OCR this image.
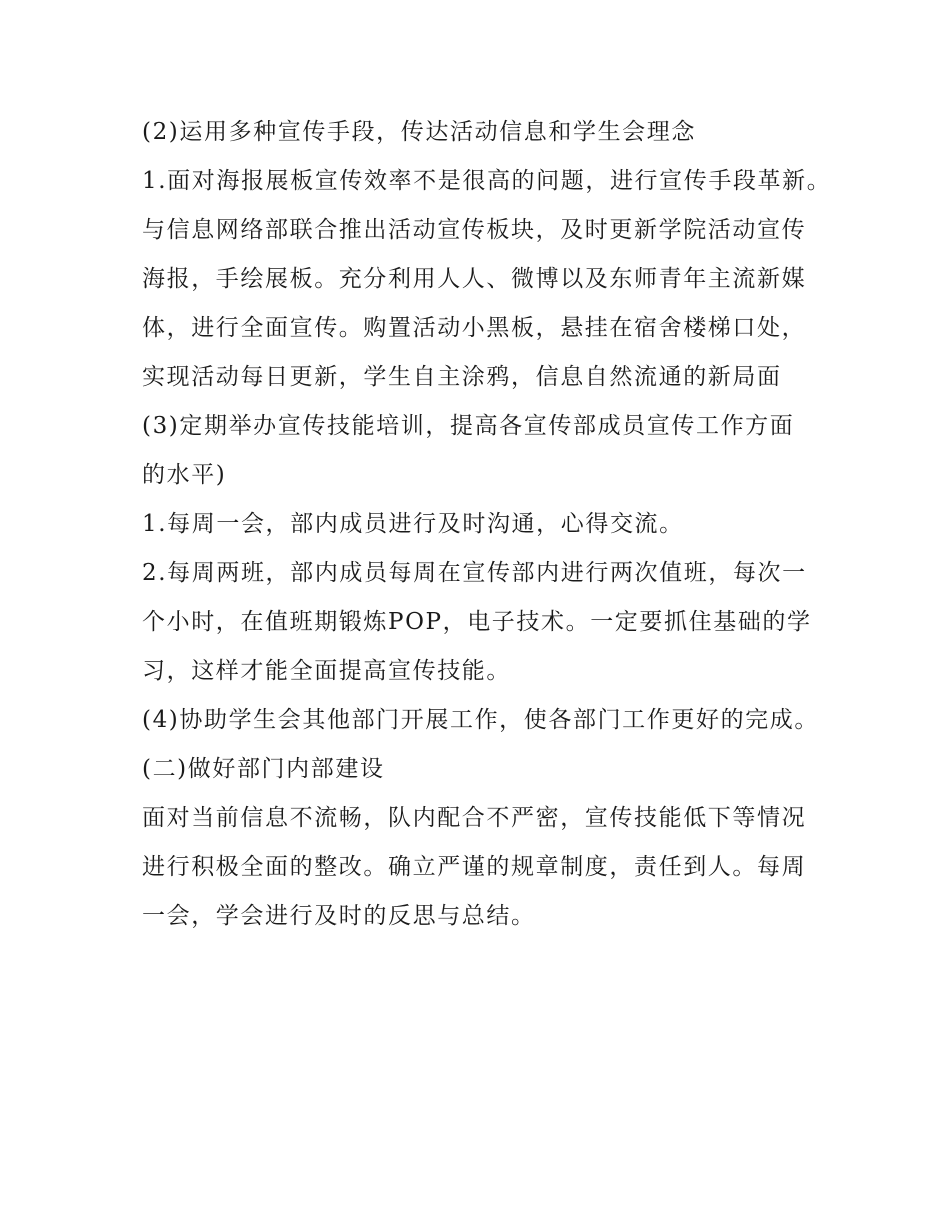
(2)运用多种宣传手段，传达活动信息和学生会理念
1.面对海报展板宣传效率不是很高的问题，进行宣传手段革新。
与信息网络部联合推出活动宣传板块，及时更新学院活动宣传
海报，手绘展板。充分利用人人、微博以及东师青年主流新媒
体，进行全面宣传。购置活动小黑板，悬挂在宿舍楼梯口处，
实现活动每日更新，学生自主涂鸦，信息自然流通的新局面
(3)定期举办宣传技能培训，提高各宣传部成员宣传工作方面
的水平)
1.每周一会，部内成员进行及时沟通，心得交流。
2.每周两班，部内成员每周在宣传部内进行两次值班，每次一
个小时，在值班期锻炼POP，电子技术。一定要抓住基础的学
习，这样才能全面提高宣传技能。
(4)协助学生会其他部门开展工作，使各部门工作更好的完成。
(二)做好部门内部建设
面对当前信息不流畅，队内配合不严密，宣传技能低下等情况
进行积极全面的整改。确立严谨的规章制度，责任到人。每周
一会，学会进行及时的反思与总结。
